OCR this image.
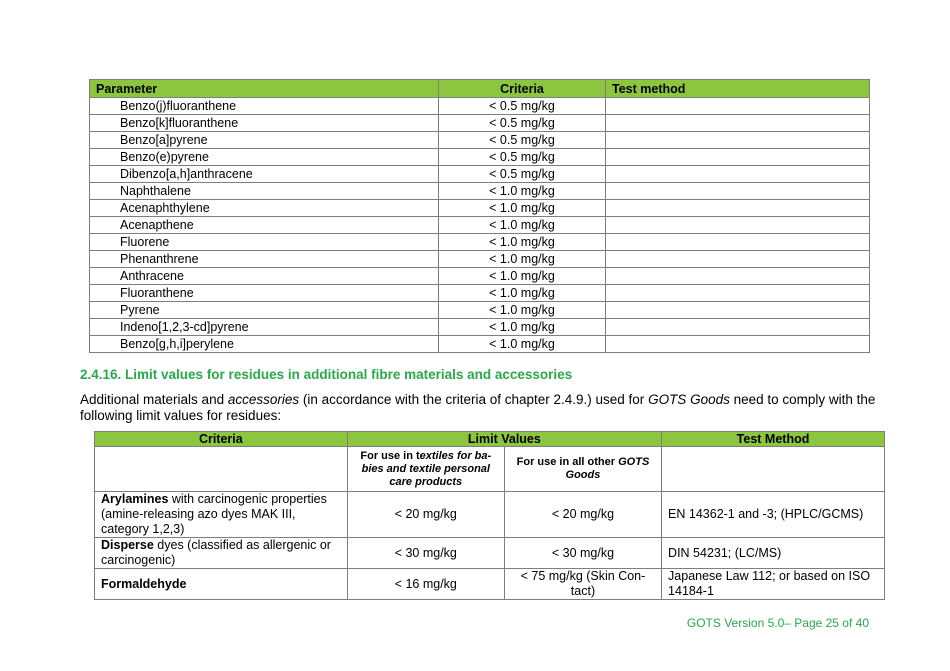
Parameter	Criteria	Test method
Benzo(j)fluoranthene	< 0.5 mg/kg	
Benzo[k]fluoranthene	< 0.5 mg/kg	
Benzo[a]pyrene	< 0.5 mg/kg	
Benzo(e)pyrene	< 0.5 mg/kg	
Dibenzo[a,h]anthracene	< 0.5 mg/kg	
Naphthalene	< 1.0 mg/kg	
Acenaphthylene	< 1.0 mg/kg	
Acenapthene	< 1.0 mg/kg	
Fluorene	< 1.0 mg/kg	
Phenanthrene	< 1.0 mg/kg	
Anthracene	< 1.0 mg/kg	
Fluoranthene	< 1.0 mg/kg	
Pyrene	< 1.0 mg/kg	
Indeno[1,2,3-cd]pyrene	< 1.0 mg/kg	
Benzo[g,h,i]perylene	< 1.0 mg/kg	
2.4.16. Limit values for residues in additional fibre materials and accessories
Additional materials and accessories (in accordance with the criteria of chapter 2.4.9.) used for GOTS Goods need to comply with the following limit values for residues:
Criteria	Limit Values		Test Method
	For use in textiles for ba-bies and textile personal care products	For use in all other GOTS Goods	
Arylamines with carcinogenic properties (amine-releasing azo dyes MAK III, category 1,2,3)	< 20 mg/kg	< 20 mg/kg	EN 14362-1 and -3; (HPLC/GCMS)
Disperse dyes (classified as allergenic or carcinogenic)	< 30 mg/kg	< 30 mg/kg	DIN 54231; (LC/MS)
Formaldehyde	< 16 mg/kg	< 75 mg/kg (Skin Con-tact)	Japanese Law 112; or based on ISO 14184-1
GOTS Version 5.0– Page 25 of 40
